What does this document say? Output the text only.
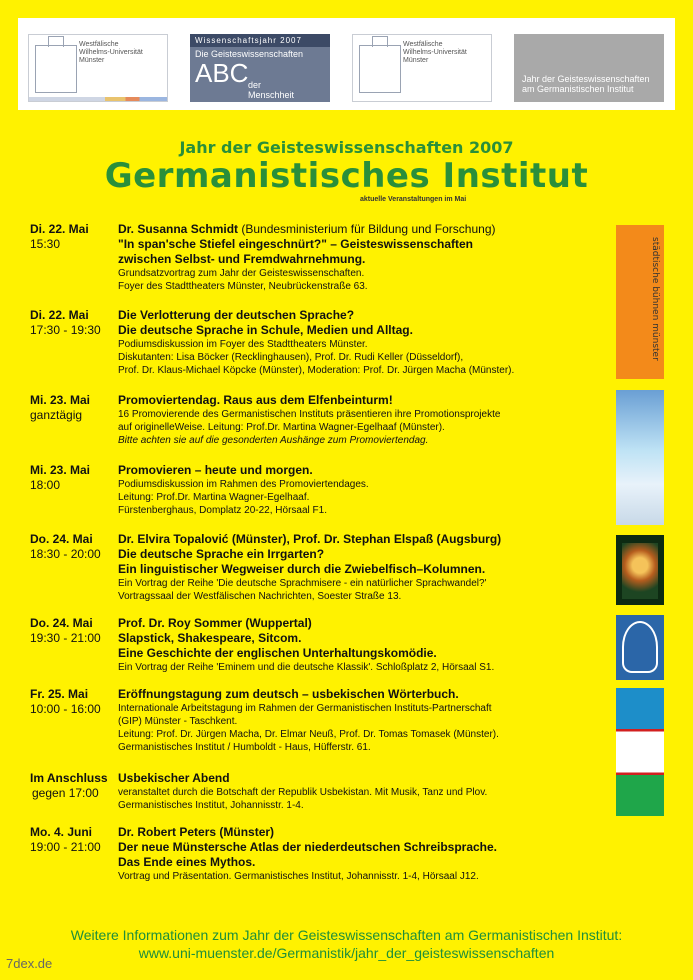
Westfälische
Wilhelms-Universität
Münster
Wissenschaftsjahr 2007
Die Geisteswissenschaften
ABC der
Menschheit
Westfälische
Wilhelms-Universität
Münster
Jahr der Geisteswissenschaften
am Germanistischen Institut
Jahr der Geisteswissenschaften 2007
Germanistisches Institut
aktuelle Veranstaltungen im Mai
Di. 22. Mai
15:30
Dr. Susanna Schmidt (Bundesministerium für Bildung und Forschung)
"In span'sche Stiefel eingeschnürt?" – Geisteswissenschaften
zwischen Selbst- und Fremdwahrnehmung.
Grundsatzvortrag zum Jahr der Geisteswissenschaften.
Foyer des Stadttheaters Münster, Neubrückenstraße 63.
Di. 22. Mai
17:30 - 19:30
Die Verlotterung der deutschen Sprache?
Die deutsche Sprache in Schule, Medien und Alltag.
Podiumsdiskussion im Foyer des Stadttheaters Münster.
Diskutanten: Lisa Böcker (Recklinghausen), Prof. Dr. Rudi Keller (Düsseldorf),
Prof. Dr. Klaus-Michael Köpcke (Münster), Moderation: Prof. Dr. Jürgen Macha (Münster).
Mi. 23. Mai
ganztägig
Promoviertendag. Raus aus dem Elfenbeinturm!
16 Promovierende des Germanistischen Instituts präsentieren ihre Promotionsprojekte
auf originelleWeise. Leitung: Prof.Dr. Martina Wagner-Egelhaaf (Münster).
Bitte achten sie auf die gesonderten Aushänge zum Promoviertendag.
Mi. 23. Mai
18:00
Promovieren – heute und morgen.
Podiumsdiskussion im Rahmen des Promoviertendages.
Leitung: Prof.Dr. Martina Wagner-Egelhaaf.
Fürstenberghaus, Domplatz 20-22, Hörsaal F1.
Do. 24. Mai
18:30 - 20:00
Dr. Elvira Topalović (Münster), Prof. Dr. Stephan Elspaß (Augsburg)
Die deutsche Sprache ein Irrgarten?
Ein linguistischer Wegweiser durch die Zwiebelfisch–Kolumnen.
Ein Vortrag der Reihe 'Die deutsche Sprachmisere - ein natürlicher Sprachwandel?'
Vortragssaal der Westfälischen Nachrichten, Soester Straße 13.
Do. 24. Mai
19:30 - 21:00
Prof. Dr. Roy Sommer (Wuppertal)
Slapstick, Shakespeare, Sitcom.
Eine Geschichte der englischen Unterhaltungskomödie.
Ein Vortrag der Reihe 'Eminem und die deutsche Klassik'. Schloßplatz 2, Hörsaal S1.
Fr. 25. Mai
10:00 - 16:00
Eröffnungstagung zum deutsch – usbekischen Wörterbuch.
Internationale Arbeitstagung im Rahmen der Germanistischen Instituts-Partnerschaft
(GIP) Münster - Taschkent.
Leitung: Prof. Dr. Jürgen Macha, Dr. Elmar Neuß, Prof. Dr. Tomas Tomasek (Münster).
Germanistisches Institut / Humboldt - Haus, Hüfferstr. 61.
Im Anschluss
gegen 17:00
Usbekischer Abend
veranstaltet durch die Botschaft der Republik Usbekistan. Mit Musik, Tanz und Plov.
Germanistisches Institut, Johannisstr. 1-4.
Mo. 4. Juni
19:00 - 21:00
Dr. Robert Peters (Münster)
Der neue Münstersche Atlas der niederdeutschen Schreibsprache.
Das Ende eines Mythos.
Vortrag und Präsentation. Germanistisches Institut, Johannisstr. 1-4, Hörsaal J12.
städtische bühnen münster
Weitere Informationen zum Jahr der Geisteswissenschaften am Germanistischen Institut:
www.uni-muenster.de/Germanistik/jahr_der_geisteswissenschaften
7dex.de
